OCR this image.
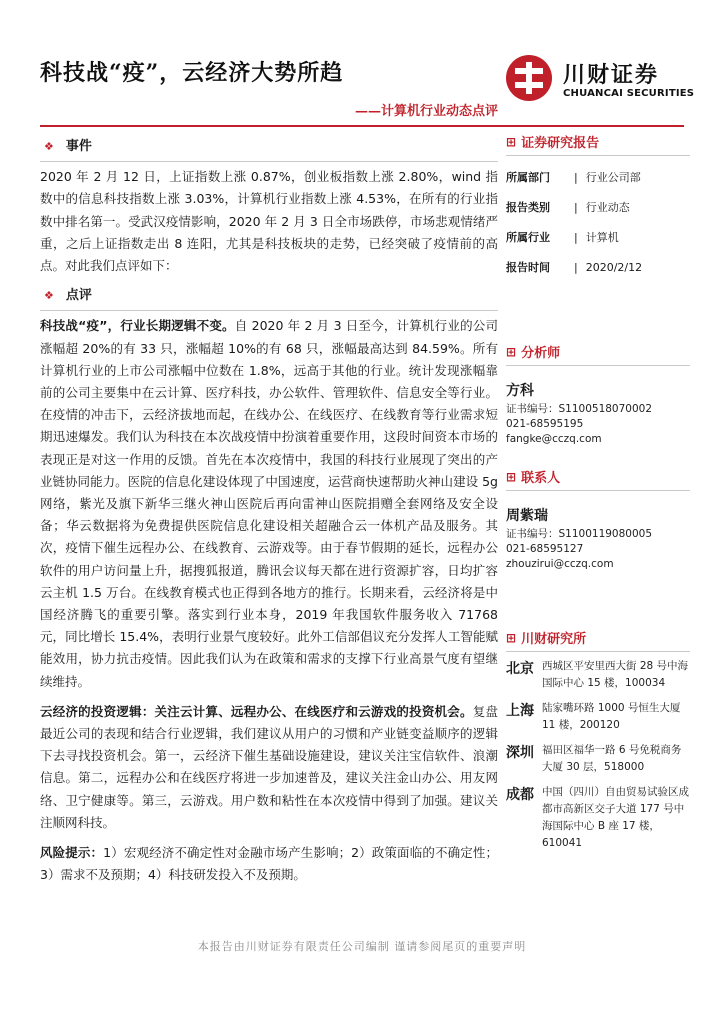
科技战“疫”，云经济大势所趋
——计算机行业动态点评
川财证券
CHUANCAI SECURITIES
❖ 事件

2020 年 2 月 12 日，上证指数上涨 0.87%，创业板指数上涨 2.80%，wind 指数中的信息科技指数上涨 3.03%，计算机行业指数上涨 4.53%，在所有的行业指数中排名第一。受武汉疫情影响，2020 年 2 月 3 日全市场跌停，市场悲观情绪严重，之后上证指数走出 8 连阳，尤其是科技板块的走势，已经突破了疫情前的高点。对此我们点评如下：

❖ 点评

科技战“疫”，行业长期逻辑不变。自 2020 年 2 月 3 日至今，计算机行业的公司涨幅超 20%的有 33 只，涨幅超 10%的有 68 只，涨幅最高达到 84.59%。所有计算机行业的上市公司涨幅中位数在 1.8%，远高于其他的行业。统计发现涨幅靠前的公司主要集中在云计算、医疗科技，办公软件、管理软件、信息安全等行业。在疫情的冲击下，云经济拔地而起，在线办公、在线医疗、在线教育等行业需求短期迅速爆发。我们认为科技在本次战疫情中扮演着重要作用，这段时间资本市场的表现正是对这一作用的反馈。首先在本次疫情中，我国的科技行业展现了突出的产业链协同能力。医院的信息化建设体现了中国速度，运营商快速帮助火神山建设 5g 网络，紫光及旗下新华三继火神山医院后再向雷神山医院捐赠全套网络及安全设备；华云数据将为免费提供医院信息化建设相关超融合云一体机产品及服务。其次，疫情下催生远程办公、在线教育、云游戏等。由于春节假期的延长，远程办公软件的用户访问量上升，据搜狐报道，腾讯会议每天都在进行资源扩容，日均扩容云主机 1.5 万台。在线教育模式也正得到各地方的推行。长期来看，云经济将是中国经济腾飞的重要引擎。落实到行业本身，2019 年我国软件服务收入 71768 元，同比增长 15.4%，表明行业景气度较好。此外工信部倡议充分发挥人工智能赋能效用，协力抗击疫情。因此我们认为在政策和需求的支撑下行业高景气度有望继续维持。

云经济的投资逻辑：关注云计算、远程办公、在线医疗和云游戏的投资机会。复盘最近公司的表现和结合行业逻辑，我们建议从用户的习惯和产业链变益顺序的逻辑下去寻找投资机会。第一，云经济下催生基础设施建设，建议关注宝信软件、浪潮信息。第二，远程办公和在线医疗将进一步加速普及，建议关注金山办公、用友网络、卫宁健康等。第三，云游戏。用户数和粘性在本次疫情中得到了加强。建议关注顺网科技。

风险提示：1）宏观经济不确定性对金融市场产生影响；2）政策面临的不确定性；3）需求不及预期；4）科技研发投入不及预期。

⊞ 证券研究报告
所属部门	| 行业公司部
报告类别	| 行业动态
所属行业	| 计算机
报告时间	| 2020/2/12
⊞ 分析师
方科
证书编号：S1100518070002
021-68595195
fangke@cczq.com
⊞ 联系人
周紫瑞
证书编号：S1100119080005
021-68595127
zhouzirui@cczq.com
⊞ 川财研究所
北京 西城区平安里西大街 28 号中海国际中心 15 楼，100034
上海 陆家嘴环路 1000 号恒生大厦 11 楼，200120
深圳 福田区福华一路 6 号免税商务大厦 30 层，518000
成都 中国（四川）自由贸易试验区成都市高新区交子大道 177 号中海国际中心 B 座 17 楼，610041
本报告由川财证券有限责任公司编制 谨请参阅尾页的重要声明
